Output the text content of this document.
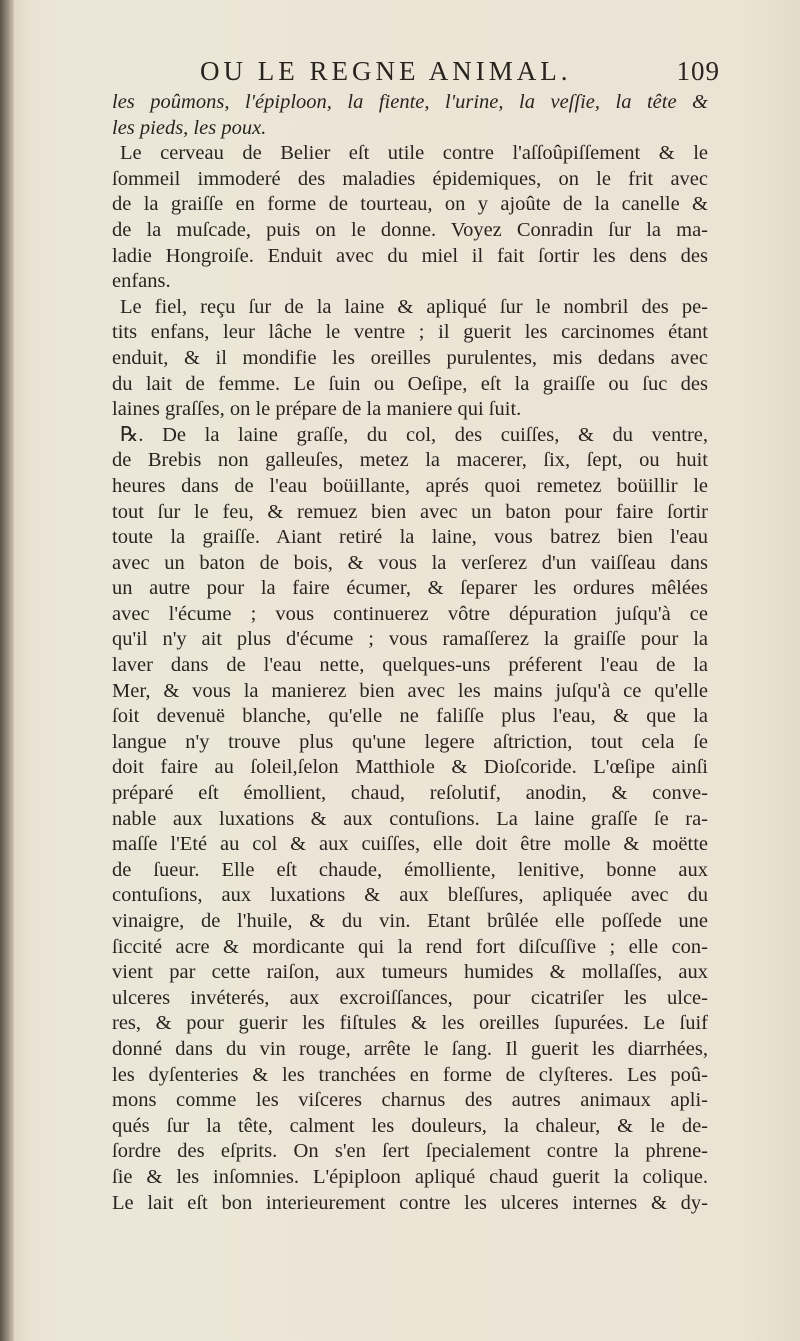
OU LE REGNE ANIMAL.	109
les poûmons, l'épiploon, la fiente, l'urine, la veſſie, la tête &
les pieds, les poux.
Le cerveau de Belier eſt utile contre l'aſſoûpiſſement & le
ſommeil immoderé des maladies épidemiques, on le frit avec
de la graiſſe en forme de tourteau, on y ajoûte de la canelle &
de la muſcade, puis on le donne. Voyez Conradin ſur la ma-
ladie Hongroiſe. Enduit avec du miel il fait ſortir les dens des
enfans.
Le fiel, reçu ſur de la laine & apliqué ſur le nombril des pe-
tits enfans, leur lâche le ventre ; il guerit les carcinomes étant
enduit, & il mondifie les oreilles purulentes, mis dedans avec
du lait de femme. Le ſuin ou Oeſipe, eſt la graiſſe ou ſuc des
laines graſſes, on le prépare de la maniere qui ſuit.
℞. De la laine graſſe, du col, des cuiſſes, & du ventre,
de Brebis non galleuſes, metez la macerer, ſix, ſept, ou huit
heures dans de l'eau boüillante, aprés quoi remetez boüillir le
tout ſur le feu, & remuez bien avec un baton pour faire ſortir
toute la graiſſe. Aiant retiré la laine, vous batrez bien l'eau
avec un baton de bois, & vous la verſerez d'un vaiſſeau dans
un autre pour la faire écumer, & ſeparer les ordures mêlées
avec l'écume ; vous continuerez vôtre dépuration juſqu'à ce
qu'il n'y ait plus d'écume ; vous ramaſſerez la graiſſe pour la
laver dans de l'eau nette, quelques-uns préferent l'eau de la
Mer, & vous la manierez bien avec les mains juſqu'à ce qu'elle
ſoit devenuë blanche, qu'elle ne faliſſe plus l'eau, & que la
langue n'y trouve plus qu'une legere aſtriction, tout cela ſe
doit faire au ſoleil,ſelon Matthiole & Dioſcoride. L'œſipe ainſi
préparé eſt émollient, chaud, reſolutif, anodin, & conve-
nable aux luxations & aux contuſions. La laine graſſe ſe ra-
maſſe l'Eté au col & aux cuiſſes, elle doit être molle & moëtte
de ſueur. Elle eſt chaude, émolliente, lenitive, bonne aux
contuſions, aux luxations & aux bleſſures, apliquée avec du
vinaigre, de l'huile, & du vin. Etant brûlée elle poſſede une
ſiccité acre & mordicante qui la rend fort diſcuſſive ; elle con-
vient par cette raiſon, aux tumeurs humides & mollaſſes, aux
ulceres invéterés, aux excroiſſances, pour cicatriſer les ulce-
res, & pour guerir les fiſtules & les oreilles ſupurées. Le ſuif
donné dans du vin rouge, arrête le ſang. Il guerit les diarrhées,
les dyſenteries & les tranchées en forme de clyſteres. Les poû-
mons comme les viſceres charnus des autres animaux apli-
qués ſur la tête, calment les douleurs, la chaleur, & le de-
ſordre des eſprits. On s'en ſert ſpecialement contre la phrene-
ſie & les inſomnies. L'épiploon apliqué chaud guerit la colique.
Le lait eſt bon interieurement contre les ulceres internes & dy-
